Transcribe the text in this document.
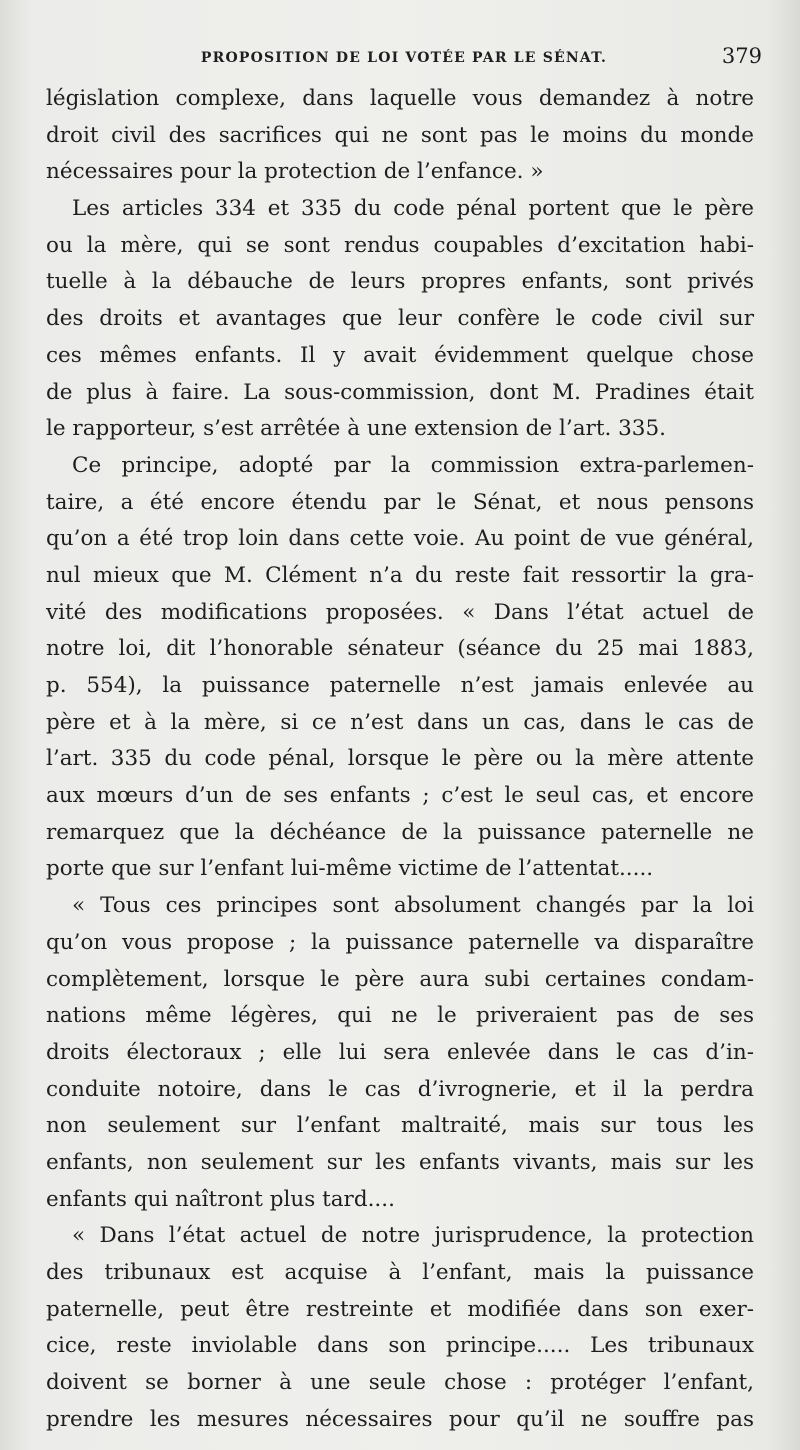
PROPOSITION DE LOI VOTÉE PAR LE SÉNAT.	379
législation complexe, dans laquelle vous demandez à notre
droit civil des sacrifices qui ne sont pas le moins du monde
nécessaires pour la protection de l’enfance. »
Les articles 334 et 335 du code pénal portent que le père
ou la mère, qui se sont rendus coupables d’excitation habi-
tuelle à la débauche de leurs propres enfants, sont privés
des droits et avantages que leur confère le code civil sur
ces mêmes enfants. Il y avait évidemment quelque chose
de plus à faire. La sous-commission, dont M. Pradines était
le rapporteur, s’est arrêtée à une extension de l’art. 335.
Ce principe, adopté par la commission extra-parlemen-
taire, a été encore étendu par le Sénat, et nous pensons
qu’on a été trop loin dans cette voie. Au point de vue général,
nul mieux que M. Clément n’a du reste fait ressortir la gra-
vité des modifications proposées. « Dans l’état actuel de
notre loi, dit l’honorable sénateur (séance du 25 mai 1883,
p. 554), la puissance paternelle n’est jamais enlevée au
père et à la mère, si ce n’est dans un cas, dans le cas de
l’art. 335 du code pénal, lorsque le père ou la mère attente
aux mœurs d’un de ses enfants ; c’est le seul cas, et encore
remarquez que la déchéance de la puissance paternelle ne
porte que sur l’enfant lui-même victime de l’attentat.....
« Tous ces principes sont absolument changés par la loi
qu’on vous propose ; la puissance paternelle va disparaître
complètement, lorsque le père aura subi certaines condam-
nations même légères, qui ne le priveraient pas de ses
droits électoraux ; elle lui sera enlevée dans le cas d’in-
conduite notoire, dans le cas d’ivrognerie, et il la perdra
non seulement sur l’enfant maltraité, mais sur tous les
enfants, non seulement sur les enfants vivants, mais sur les
enfants qui naîtront plus tard....
« Dans l’état actuel de notre jurisprudence, la protection
des tribunaux est acquise à l’enfant, mais la puissance
paternelle, peut être restreinte et modifiée dans son exer-
cice, reste inviolable dans son principe..... Les tribunaux
doivent se borner à une seule chose : protéger l’enfant,
prendre les mesures nécessaires pour qu’il ne souffre pas
